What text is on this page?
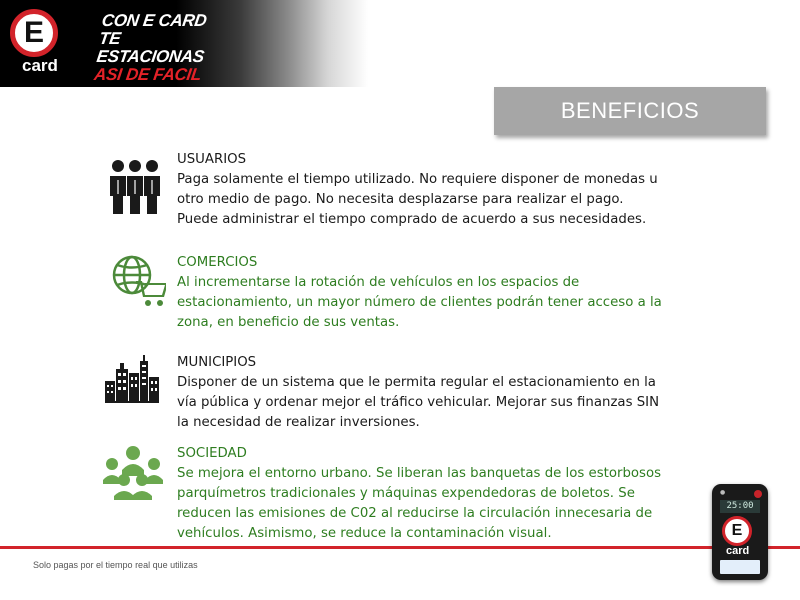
E
card
CON E CARD
TE ESTACIONAS
ASI DE FACIL
BENEFICIOS
USUARIOS
Paga solamente el tiempo utilizado. No requiere disponer de monedas u otro medio de pago. No necesita desplazarse para realizar el pago. Puede administrar el tiempo comprado de acuerdo a sus necesidades.
COMERCIOS
Al incrementarse la rotación de vehículos en los espacios de estacionamiento, un mayor número de clientes podrán tener acceso a la zona, en beneficio de sus ventas.
MUNICIPIOS
Disponer de un sistema que le permita regular el estacionamiento en la vía pública y ordenar mejor el tráfico vehicular. Mejorar sus finanzas SIN la necesidad de realizar inversiones.
SOCIEDAD
Se mejora el entorno urbano. Se liberan las banquetas de los estorbosos parquímetros tradicionales y máquinas expendedoras de boletos. Se reducen las emisiones de C02 al reducirse la circulación innecesaria de vehículos. Asimismo, se reduce la contaminación visual.
Solo pagas por el tiempo real que utilizas
●
25:00
E
card
